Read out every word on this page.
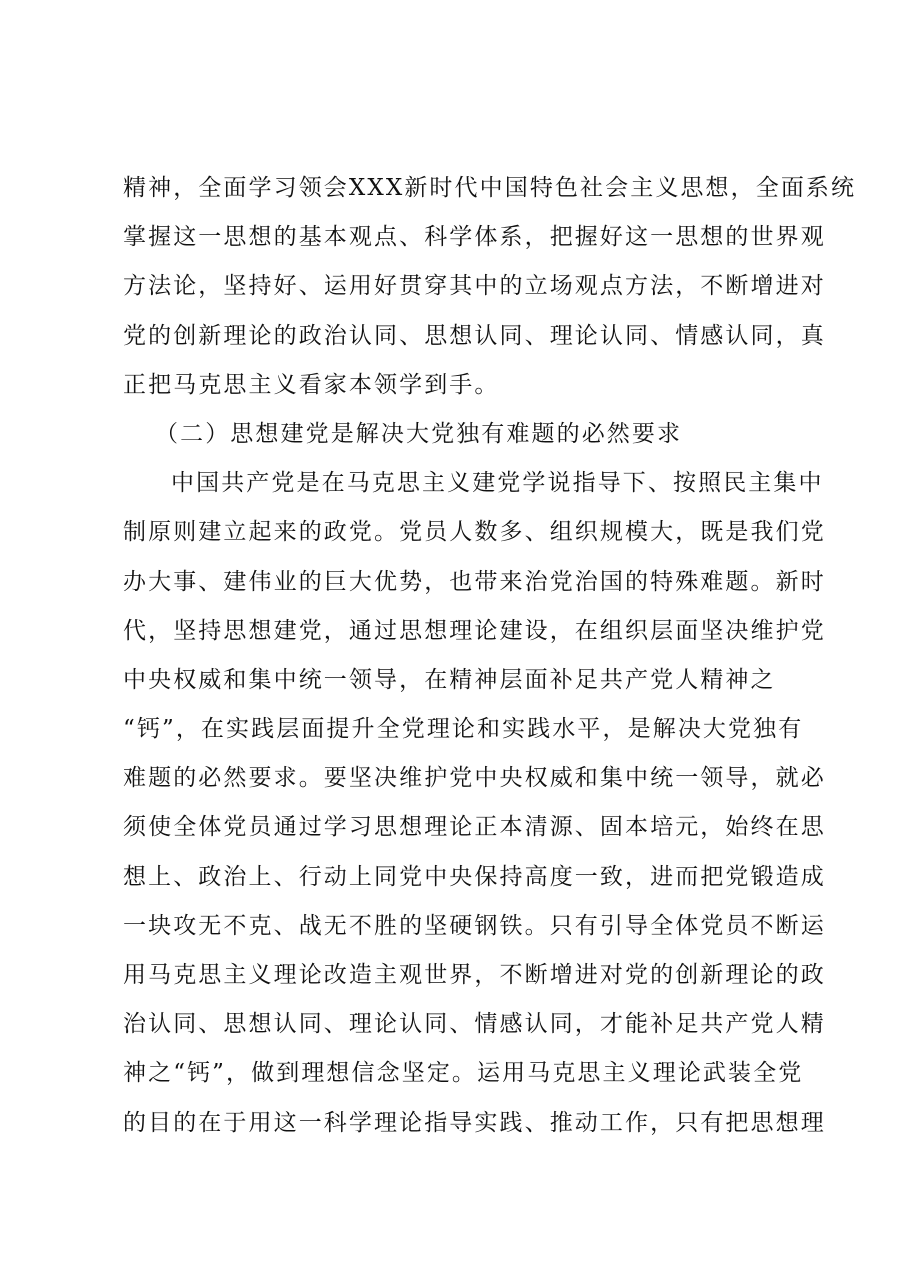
精神，全面学习领会XXX新时代中国特色社会主义思想，全面系统
掌握这一思想的基本观点、科学体系，把握好这一思想的世界观
方法论，坚持好、运用好贯穿其中的立场观点方法，不断增进对
党的创新理论的政治认同、思想认同、理论认同、情感认同，真
正把马克思主义看家本领学到手。
（二）思想建党是解决大党独有难题的必然要求
中国共产党是在马克思主义建党学说指导下、按照民主集中
制原则建立起来的政党。党员人数多、组织规模大，既是我们党
办大事、建伟业的巨大优势，也带来治党治国的特殊难题。新时
代，坚持思想建党，通过思想理论建设，在组织层面坚决维护党
中央权威和集中统一领导，在精神层面补足共产党人精神之
“钙”，在实践层面提升全党理论和实践水平，是解决大党独有
难题的必然要求。要坚决维护党中央权威和集中统一领导，就必
须使全体党员通过学习思想理论正本清源、固本培元，始终在思
想上、政治上、行动上同党中央保持高度一致，进而把党锻造成
一块攻无不克、战无不胜的坚硬钢铁。只有引导全体党员不断运
用马克思主义理论改造主观世界，不断增进对党的创新理论的政
治认同、思想认同、理论认同、情感认同，才能补足共产党人精
神之“钙”，做到理想信念坚定。运用马克思主义理论武装全党
的目的在于用这一科学理论指导实践、推动工作，只有把思想理
